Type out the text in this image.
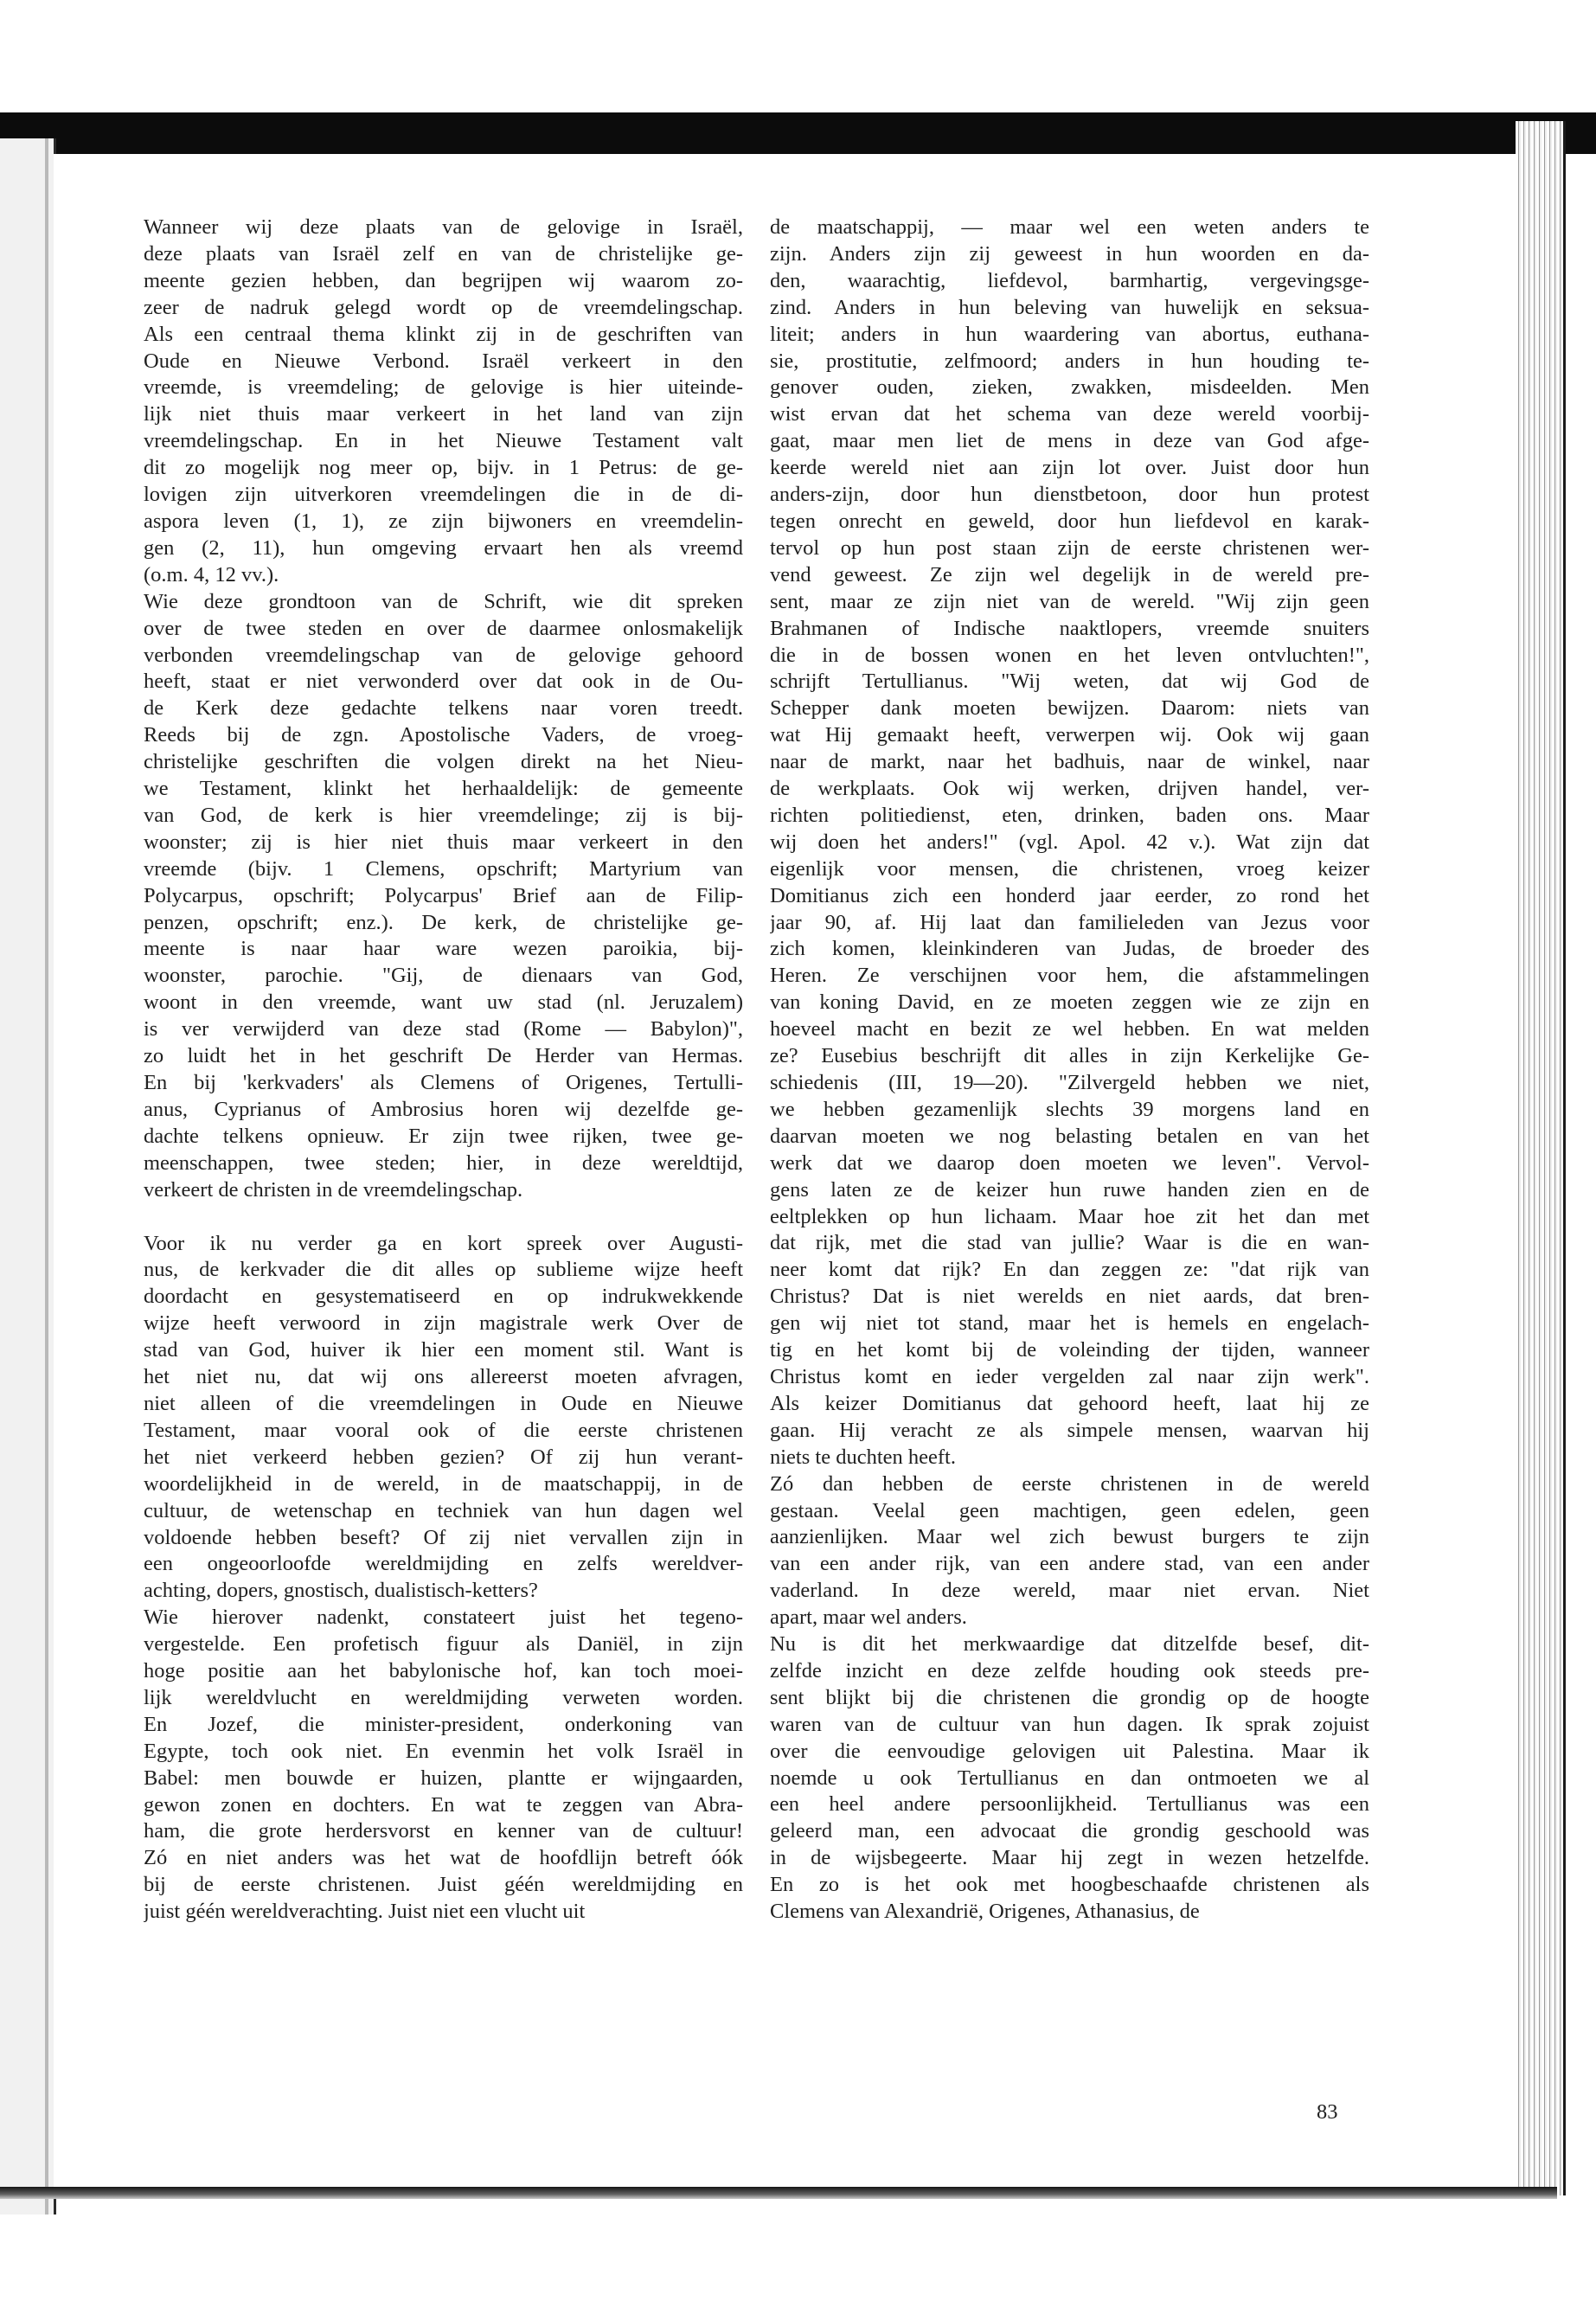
Wanneer wij deze plaats van de gelovige in Israël,
deze plaats van Israël zelf en van de christelijke ge-
meente gezien hebben, dan begrijpen wij waarom zo-
zeer de nadruk gelegd wordt op de vreemdelingschap.
Als een centraal thema klinkt zij in de geschriften van
Oude en Nieuwe Verbond. Israël verkeert in den
vreemde, is vreemdeling; de gelovige is hier uiteinde-
lijk niet thuis maar verkeert in het land van zijn
vreemdelingschap. En in het Nieuwe Testament valt
dit zo mogelijk nog meer op, bijv. in 1 Petrus: de ge-
lovigen zijn uitverkoren vreemdelingen die in de di-
aspora leven (1, 1), ze zijn bijwoners en vreemdelin-
gen (2, 11), hun omgeving ervaart hen als vreemd
(o.m. 4, 12 vv.).

Wie deze grondtoon van de Schrift, wie dit spreken
over de twee steden en over de daarmee onlosmakelijk
verbonden vreemdelingschap van de gelovige gehoord
heeft, staat er niet verwonderd over dat ook in de Ou-
de Kerk deze gedachte telkens naar voren treedt.
Reeds bij de zgn. Apostolische Vaders, de vroeg-
christelijke geschriften die volgen direkt na het Nieu-
we Testament, klinkt het herhaaldelijk: de gemeente
van God, de kerk is hier vreemdelinge; zij is bij-
woonster; zij is hier niet thuis maar verkeert in den
vreemde (bijv. 1 Clemens, opschrift; Martyrium van
Polycarpus, opschrift; Polycarpus' Brief aan de Filip-
penzen, opschrift; enz.). De kerk, de christelijke ge-
meente is naar haar ware wezen paroikia, bij-
woonster, parochie. "Gij, de dienaars van God,
woont in den vreemde, want uw stad (nl. Jeruzalem)
is ver verwijderd van deze stad (Rome — Babylon)",
zo luidt het in het geschrift De Herder van Hermas.
En bij 'kerkvaders' als Clemens of Origenes, Tertulli-
anus, Cyprianus of Ambrosius horen wij dezelfde ge-
dachte telkens opnieuw. Er zijn twee rijken, twee ge-
meenschappen, twee steden; hier, in deze wereldtijd,
verkeert de christen in de vreemdelingschap.

Voor ik nu verder ga en kort spreek over Augusti-
nus, de kerkvader die dit alles op sublieme wijze heeft
doordacht en gesystematiseerd en op indrukwekkende
wijze heeft verwoord in zijn magistrale werk Over de
stad van God, huiver ik hier een moment stil. Want is
het niet nu, dat wij ons allereerst moeten afvragen,
niet alleen of die vreemdelingen in Oude en Nieuwe
Testament, maar vooral ook of die eerste christenen
het niet verkeerd hebben gezien? Of zij hun verant-
woordelijkheid in de wereld, in de maatschappij, in de
cultuur, de wetenschap en techniek van hun dagen wel
voldoende hebben beseft? Of zij niet vervallen zijn in
een ongeoorloofde wereldmijding en zelfs wereldver-
achting, dopers, gnostisch, dualistisch-ketters?

Wie hierover nadenkt, constateert juist het tegeno-
vergestelde. Een profetisch figuur als Daniël, in zijn
hoge positie aan het babylonische hof, kan toch moei-
lijk wereldvlucht en wereldmijding verweten worden.
En Jozef, die minister-president, onderkoning van
Egypte, toch ook niet. En evenmin het volk Israël in
Babel: men bouwde er huizen, plantte er wijngaarden,
gewon zonen en dochters. En wat te zeggen van Abra-
ham, die grote herdersvorst en kenner van de cultuur!
Zó en niet anders was het wat de hoofdlijn betreft óók
bij de eerste christenen. Juist géén wereldmijding en
juist géén wereldverachting. Juist niet een vlucht uit

de maatschappij, — maar wel een weten anders te
zijn. Anders zijn zij geweest in hun woorden en da-
den, waarachtig, liefdevol, barmhartig, vergevingsge-
zind. Anders in hun beleving van huwelijk en seksua-
liteit; anders in hun waardering van abortus, euthana-
sie, prostitutie, zelfmoord; anders in hun houding te-
genover ouden, zieken, zwakken, misdeelden. Men
wist ervan dat het schema van deze wereld voorbij-
gaat, maar men liet de mens in deze van God afge-
keerde wereld niet aan zijn lot over. Juist door hun
anders-zijn, door hun dienstbetoon, door hun protest
tegen onrecht en geweld, door hun liefdevol en karak-
tervol op hun post staan zijn de eerste christenen wer-
vend geweest. Ze zijn wel degelijk in de wereld pre-
sent, maar ze zijn niet van de wereld. "Wij zijn geen
Brahmanen of Indische naaktlopers, vreemde snuiters
die in de bossen wonen en het leven ontvluchten!",
schrijft Tertullianus. "Wij weten, dat wij God de
Schepper dank moeten bewijzen. Daarom: niets van
wat Hij gemaakt heeft, verwerpen wij. Ook wij gaan
naar de markt, naar het badhuis, naar de winkel, naar
de werkplaats. Ook wij werken, drijven handel, ver-
richten politiedienst, eten, drinken, baden ons. Maar
wij doen het anders!" (vgl. Apol. 42 v.). Wat zijn dat
eigenlijk voor mensen, die christenen, vroeg keizer
Domitianus zich een honderd jaar eerder, zo rond het
jaar 90, af. Hij laat dan familieleden van Jezus voor
zich komen, kleinkinderen van Judas, de broeder des
Heren. Ze verschijnen voor hem, die afstammelingen
van koning David, en ze moeten zeggen wie ze zijn en
hoeveel macht en bezit ze wel hebben. En wat melden
ze? Eusebius beschrijft dit alles in zijn Kerkelijke Ge-
schiedenis (III, 19—20). "Zilvergeld hebben we niet,
we hebben gezamenlijk slechts 39 morgens land en
daarvan moeten we nog belasting betalen en van het
werk dat we daarop doen moeten we leven". Vervol-
gens laten ze de keizer hun ruwe handen zien en de
eeltplekken op hun lichaam. Maar hoe zit het dan met
dat rijk, met die stad van jullie? Waar is die en wan-
neer komt dat rijk? En dan zeggen ze: "dat rijk van
Christus? Dat is niet werelds en niet aards, dat bren-
gen wij niet tot stand, maar het is hemels en engelach-
tig en het komt bij de voleinding der tijden, wanneer
Christus komt en ieder vergelden zal naar zijn werk".
Als keizer Domitianus dat gehoord heeft, laat hij ze
gaan. Hij veracht ze als simpele mensen, waarvan hij
niets te duchten heeft.

Zó dan hebben de eerste christenen in de wereld
gestaan. Veelal geen machtigen, geen edelen, geen
aanzienlijken. Maar wel zich bewust burgers te zijn
van een ander rijk, van een andere stad, van een ander
vaderland. In deze wereld, maar niet ervan. Niet
apart, maar wel anders.

Nu is dit het merkwaardige dat ditzelfde besef, dit-
zelfde inzicht en deze zelfde houding ook steeds pre-
sent blijkt bij die christenen die grondig op de hoogte
waren van de cultuur van hun dagen. Ik sprak zojuist
over die eenvoudige gelovigen uit Palestina. Maar ik
noemde u ook Tertullianus en dan ontmoeten we al
een heel andere persoonlijkheid. Tertullianus was een
geleerd man, een advocaat die grondig geschoold was
in de wijsbegeerte. Maar hij zegt in wezen hetzelfde.
En zo is het ook met hoogbeschaafde christenen als
Clemens van Alexandrië, Origenes, Athanasius, de

83
